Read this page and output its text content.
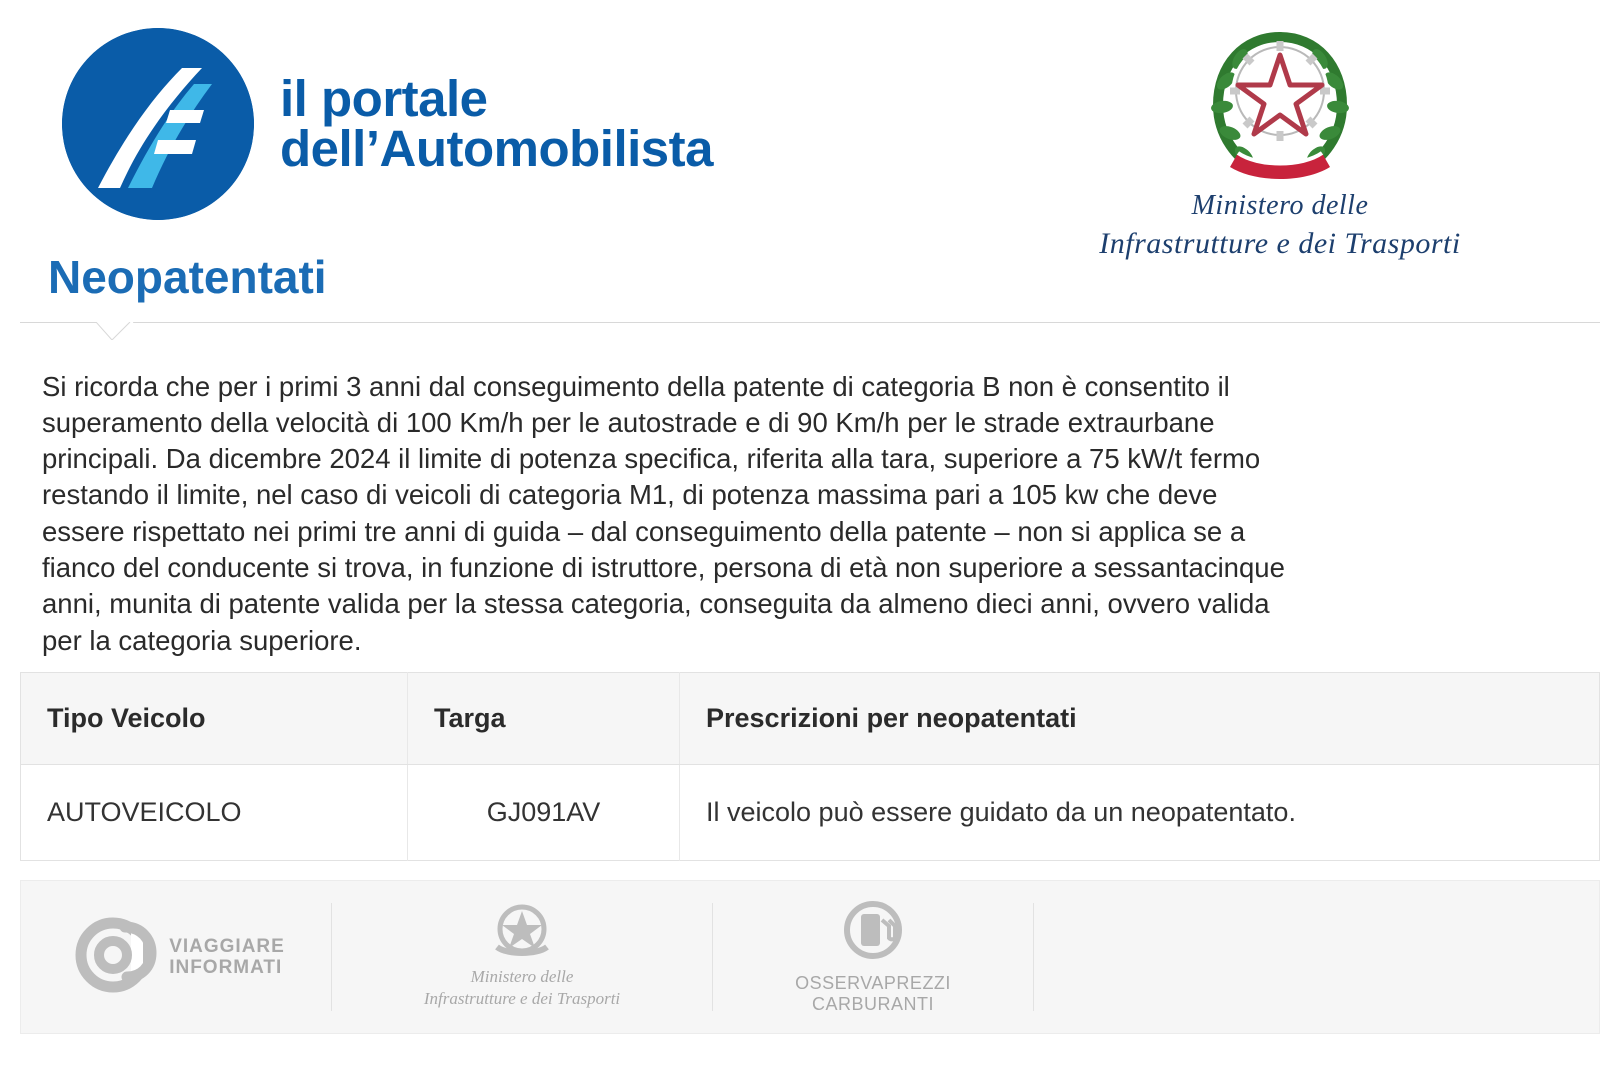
il portale
dell’Automobilista
Ministero delle
Infrastrutture e dei Trasporti
Neopatentati

Si ricorda che per i primi 3 anni dal conseguimento della patente di categoria B non è consentito il superamento della velocità di 100 Km/h per le autostrade e di 90 Km/h per le strade extraurbane principali. Da dicembre 2024 il limite di potenza specifica, riferita alla tara, superiore a 75 kW/t fermo restando il limite, nel caso di veicoli di categoria M1, di potenza massima pari a 105 kw che deve essere rispettato nei primi tre anni di guida – dal conseguimento della patente – non si applica se a fianco del conducente si trova, in funzione di istruttore, persona di età non superiore a sessantacinque anni, munita di patente valida per la stessa categoria, conseguita da almeno dieci anni, ovvero valida per la categoria superiore.

Tipo Veicolo	Targa	Prescrizioni per neopatentati
AUTOVEICOLO	GJ091AV	Il veicolo può essere guidato da un neopatentato.
VIAGGIARE
INFORMATI	Ministero delle
Infrastrutture e dei Trasporti
OSSERVAPREZZI
CARBURANTI
